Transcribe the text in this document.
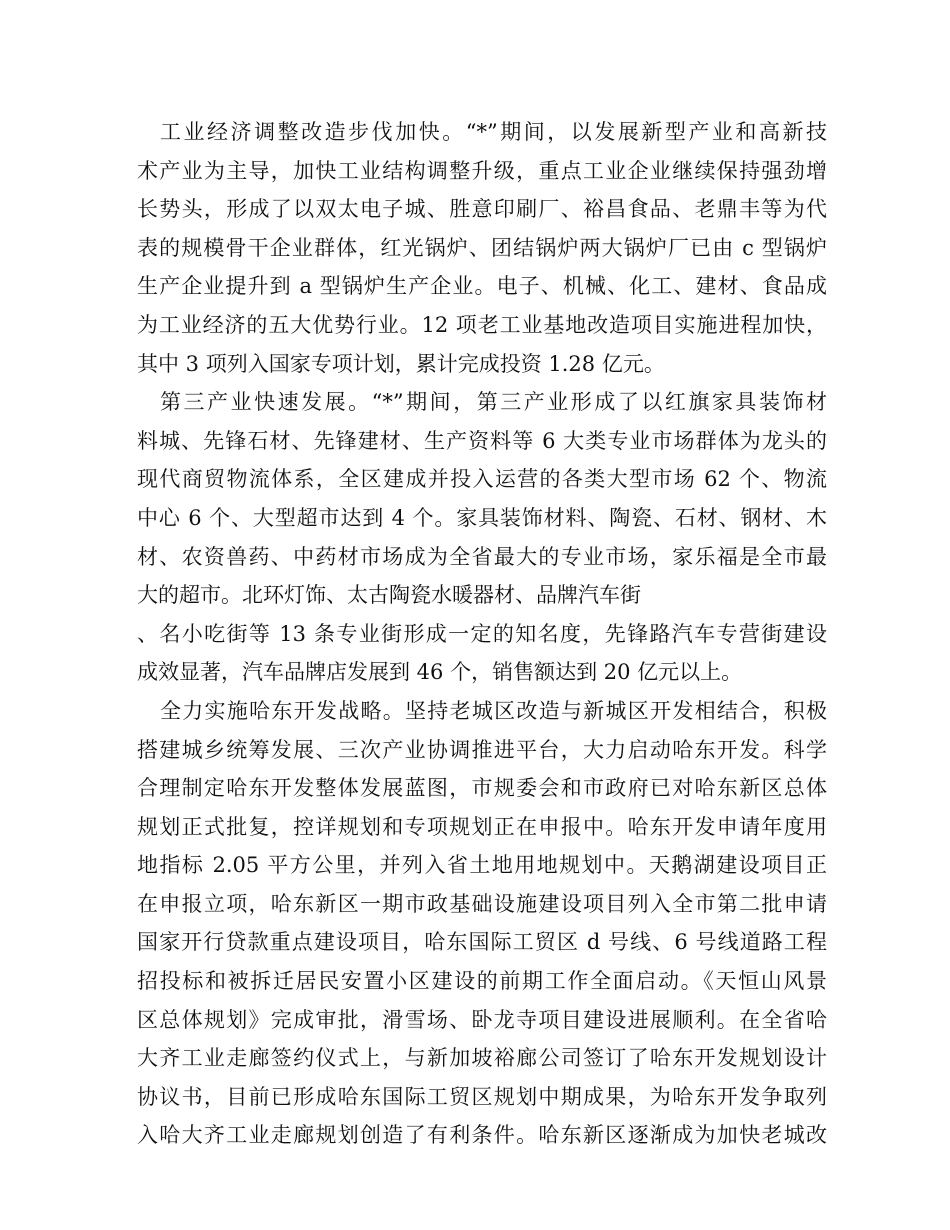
工业经济调整改造步伐加快。“*”期间，以发展新型产业和高新技
术产业为主导，加快工业结构调整升级，重点工业企业继续保持强劲增
长势头，形成了以双太电子城、胜意印刷厂、裕昌食品、老鼎丰等为代
表的规模骨干企业群体，红光锅炉、团结锅炉两大锅炉厂已由 c 型锅炉
生产企业提升到 a 型锅炉生产企业。电子、机械、化工、建材、食品成
为工业经济的五大优势行业。12 项老工业基地改造项目实施进程加快，
其中 3 项列入国家专项计划，累计完成投资 1.28 亿元。
第三产业快速发展。“*”期间，第三产业形成了以红旗家具装饰材
料城、先锋石材、先锋建材、生产资料等 6 大类专业市场群体为龙头的
现代商贸物流体系，全区建成并投入运营的各类大型市场 62 个、物流
中心 6 个、大型超市达到 4 个。家具装饰材料、陶瓷、石材、钢材、木
材、农资兽药、中药材市场成为全省最大的专业市场，家乐福是全市最
大的超市。北环灯饰、太古陶瓷水暖器材、品牌汽车街
、名小吃街等 13 条专业街形成一定的知名度，先锋路汽车专营街建设
成效显著，汽车品牌店发展到 46 个，销售额达到 20 亿元以上。
全力实施哈东开发战略。坚持老城区改造与新城区开发相结合，积极
搭建城乡统筹发展、三次产业协调推进平台，大力启动哈东开发。科学
合理制定哈东开发整体发展蓝图，市规委会和市政府已对哈东新区总体
规划正式批复，控详规划和专项规划正在申报中。哈东开发申请年度用
地指标 2.05 平方公里，并列入省土地用地规划中。天鹅湖建设项目正
在申报立项，哈东新区一期市政基础设施建设项目列入全市第二批申请
国家开行贷款重点建设项目，哈东国际工贸区 d 号线、6 号线道路工程
招投标和被拆迁居民安置小区建设的前期工作全面启动。《天恒山风景
区总体规划》完成审批，滑雪场、卧龙寺项目建设进展顺利。在全省哈
大齐工业走廊签约仪式上，与新加坡裕廊公司签订了哈东开发规划设计
协议书，目前已形成哈东国际工贸区规划中期成果，为哈东开发争取列
入哈大齐工业走廊规划创造了有利条件。哈东新区逐渐成为加快老城改
